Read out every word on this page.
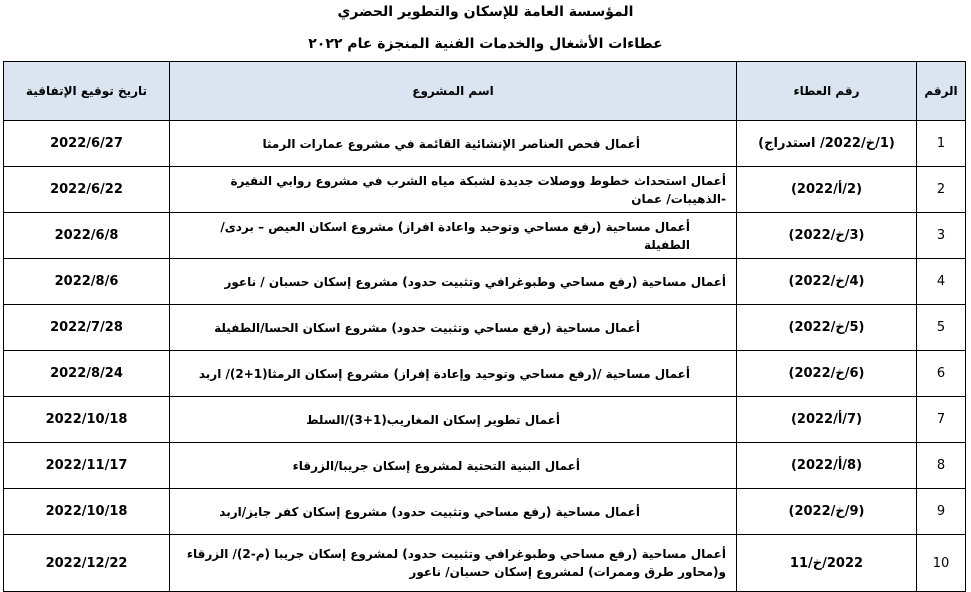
المؤسسة العامة للإسكان والتطوير الحضري
عطاءات الأشغال والخدمات الفنية المنجزة عام ٢٠٢٢
الرقم	رقم العطاء	اسم المشروع	تاريخ توقيع الإتفاقية
1	(1/خ/2022/ استدراج)	أعمال فحص العناصر الإنشائية القائمة في مشروع عمارات الرمثا	2022/6/27
2	(2/أ/2022)	أعمال استحداث خطوط ووصلات جديدة لشبكة مياه الشرب في مشروع روابي النقيرة -الذهيبات/ عمان	2022/6/22
3	(3/خ/2022)	أعمال مساحية (رفع مساحي وتوحيد واعادة افراز) مشروع اسكان العيص – بردى/الطفيلة	2022/6/8
4	(4/خ/2022)	أعمال مساحية (رفع مساحي وطبوغرافي وتثبيت حدود) مشروع إسكان حسبان / ناعور	2022/8/6
5	(5/خ/2022)	أعمال مساحية (رفع مساحي وتثبيت حدود) مشروع اسكان الحسا/الطفيلة	2022/7/28
6	(6/خ/2022)	أعمال مساحية /(رفع مساحي وتوحيد وإعادة إفراز) مشروع إسكان الرمثا(1+2)/ اربد	2022/8/24
7	(7/أ/2022)	أعمال تطوير إسكان المغاريب(1+3)/السلط	2022/10/18
8	(8/أ/2022)	أعمال البنية التحتية لمشروع إسكان جريبا/الزرقاء	2022/11/17
9	(9/خ/2022)	أعمال مساحية (رفع مساحي وتثبيت حدود) مشروع إسكان كفر جايز/اربد	2022/10/18
10	2022/خ/11	أعمال مساحية (رفع مساحي وطبوغرافي وتثبيت حدود) لمشروع إسكان جريبا (م-2)/ الزرقاء و(محاور طرق وممرات) لمشروع إسكان حسبان/ ناعور	2022/12/22
